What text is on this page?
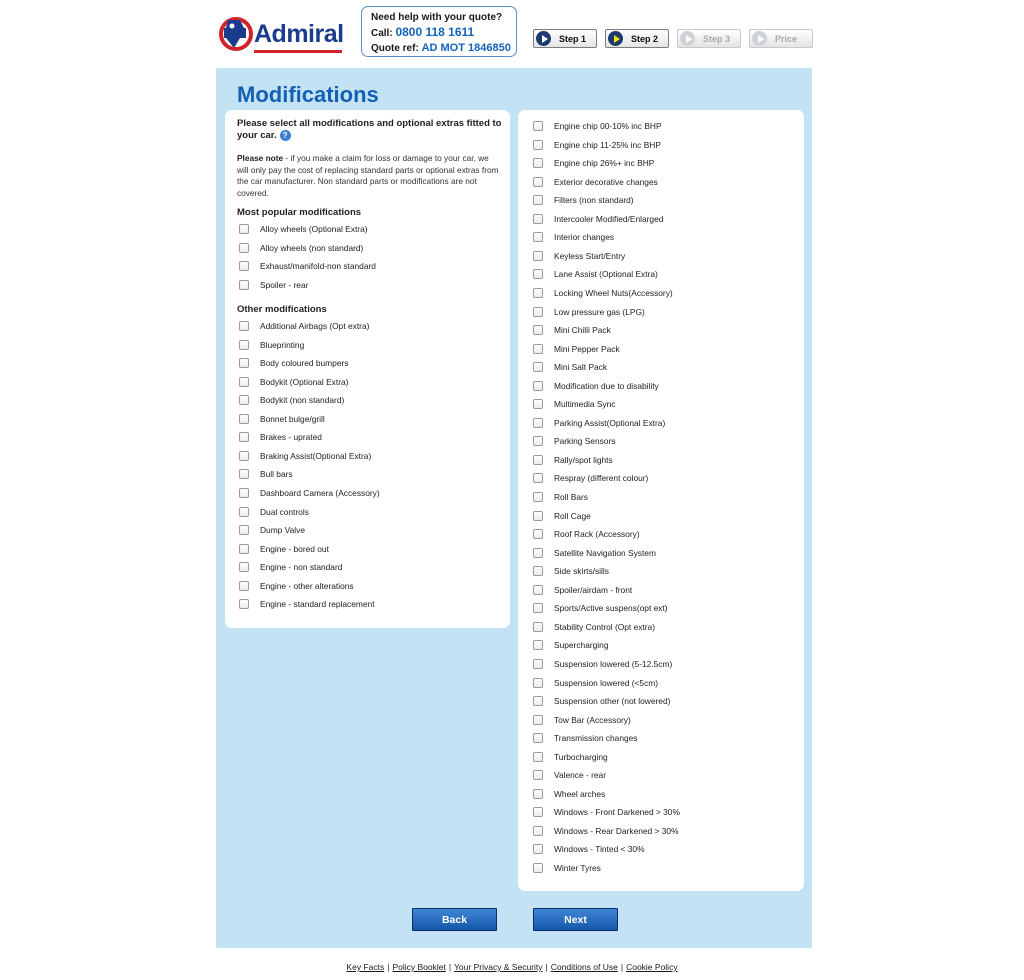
Admiral
Need help with your quote?
Call: 0800 118 1611
Quote ref: AD MOT 1846850
Step 1	Step 2	Step 3	Price
Modifications
Please select all modifications and optional extras fitted to your car. ?
Please note - if you make a claim for loss or damage to your car, we will only pay the cost of replacing standard parts or optional extras from the car manufacturer. Non standard parts or modifications are not covered.
Most popular modifications
Other modifications
Alloy wheels (Optional Extra)
Alloy wheels (non standard)
Exhaust/manifold-non standard
Spoiler - rear
Additional Airbags (Opt extra)
Blueprinting
Body coloured bumpers
Bodykit (Optional Extra)
Bodykit (non standard)
Bonnet bulge/grill
Brakes - uprated
Braking Assist(Optional Extra)
Bull bars
Dashboard Camera (Accessory)
Dual controls
Dump Valve
Engine - bored out
Engine - non standard
Engine - other alterations
Engine - standard replacement
Engine chip 00-10% inc BHP
Engine chip 11-25% inc BHP
Engine chip 26%+ inc BHP
Exterior decorative changes
Filters (non standard)
Intercooler Modified/Enlarged
Interior changes
Keyless Start/Entry
Lane Assist (Optional Extra)
Locking Wheel Nuts(Accessory)
Low pressure gas (LPG)
Mini Chilli Pack
Mini Pepper Pack
Mini Salt Pack
Modification due to disability
Multimedia Sync
Parking Assist(Optional Extra)
Parking Sensors
Rally/spot lights
Respray (different colour)
Roll Bars
Roll Cage
Roof Rack (Accessory)
Satellite Navigation System
Side skirts/sills
Spoiler/airdam - front
Sports/Active suspens(opt ext)
Stability Control (Opt extra)
Supercharging
Suspension lowered (5-12.5cm)
Suspension lowered (<5cm)
Suspension other (not lowered)
Tow Bar (Accessory)
Transmission changes
Turbocharging
Valence - rear
Wheel arches
Windows - Front Darkened > 30%
Windows - Rear Darkened > 30%
Windows - Tinted < 30%
Winter Tyres
Back	Next
Key Facts | Policy Booklet | Your Privacy & Security | Conditions of Use | Cookie Policy
